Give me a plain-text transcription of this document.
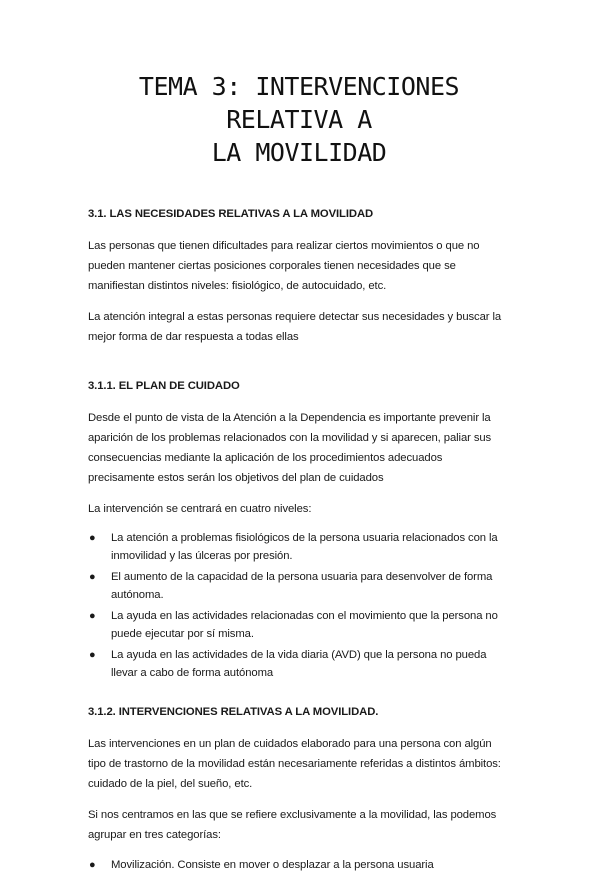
TEMA 3: INTERVENCIONES RELATIVA A
LA MOVILIDAD
3.1. LAS NECESIDADES RELATIVAS A LA MOVILIDAD

Las personas que tienen dificultades para realizar ciertos movimientos o que no pueden mantener ciertas posiciones corporales tienen necesidades que se manifiestan distintos niveles: fisiológico, de autocuidado, etc.

La atención integral a estas personas requiere detectar sus necesidades y buscar la mejor forma de dar respuesta a todas ellas

3.1.1. EL PLAN DE CUIDADO

Desde el punto de vista de la Atención a la Dependencia es importante prevenir la aparición de los problemas relacionados con la movilidad y si aparecen, paliar sus consecuencias mediante la aplicación de los procedimientos adecuados precisamente estos serán los objetivos del plan de cuidados

La intervención se centrará en cuatro niveles:

● La atención a problemas fisiológicos de la persona usuaria relacionados con la inmovilidad y las úlceras por presión.
● El aumento de la capacidad de la persona usuaria para desenvolver de forma autónoma.
● La ayuda en las actividades relacionadas con el movimiento que la persona no puede ejecutar por sí misma.
● La ayuda en las actividades de la vida diaria (AVD) que la persona no pueda llevar a cabo de forma autónoma
3.1.2. INTERVENCIONES RELATIVAS A LA MOVILIDAD.

Las intervenciones en un plan de cuidados elaborado para una persona con algún tipo de trastorno de la movilidad están necesariamente referidas a distintos ámbitos: cuidado de la piel, del sueño, etc.

Si nos centramos en las que se refiere exclusivamente a la movilidad, las podemos agrupar en tres categorías:

● Movilización. Consiste en mover o desplazar a la persona usuaria
